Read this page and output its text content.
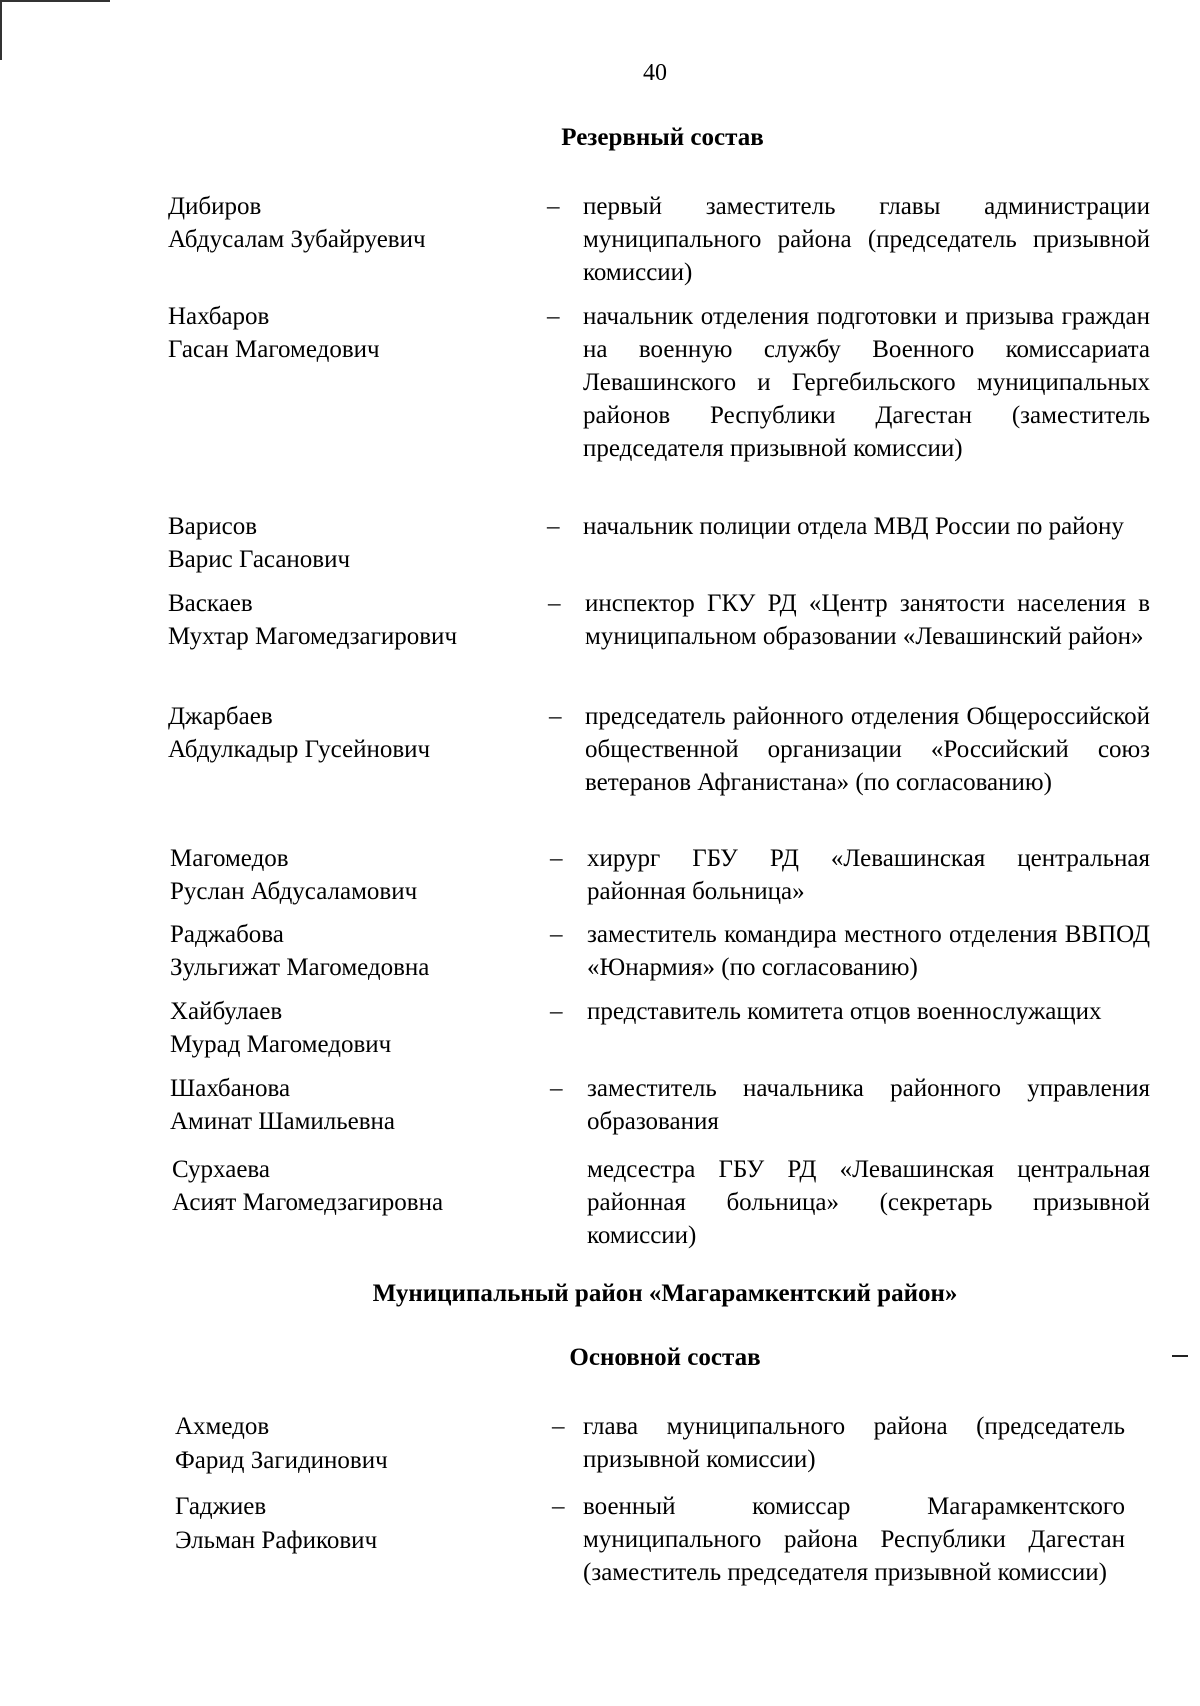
40
Резервный состав
Дибиров
Абдусалам Зубайруевич
– первый заместитель главы администрации муниципального района (председатель призывной комиссии)
Нахбаров
Гасан Магомедович
– начальник отделения подготовки и призыва граждан на военную службу Военного комиссариата Левашинского и Гергебильского муниципальных районов Республики Дагестан (заместитель председателя призывной комиссии)
Варисов
Варис Гасанович
– начальник полиции отдела МВД России по району
Васкаев
Мухтар Магомедзагирович
– инспектор ГКУ РД «Центр занятости населения в муниципальном образовании «Левашинский район»
Джарбаев
Абдулкадыр Гусейнович
– председатель районного отделения Общероссийской общественной организации «Российский союз ветеранов Афганистана» (по согласованию)
Магомедов
Руслан Абдусаламович
– хирург ГБУ РД «Левашинская центральная районная больница»
Раджабова
Зульгижат Магомедовна
– заместитель командира местного отделения ВВПОД «Юнармия» (по согласованию)
Хайбулаев
Мурад Магомедович
– представитель комитета отцов военнослужащих
Шахбанова
Аминат Шамильевна
– заместитель начальника районного управления образования
Сурхаева
Асият Магомедзагировна
медсестра ГБУ РД «Левашинская центральная районная больница» (секретарь призывной комиссии)
Муниципальный район «Магарамкентский район»
Основной состав
Ахмедов
Фарид Загидинович
– глава муниципального района (председатель призывной комиссии)
Гаджиев
Эльман Рафикович
– военный комиссар Магарамкентского муниципального района Республики Дагестан (заместитель председателя призывной комиссии)
